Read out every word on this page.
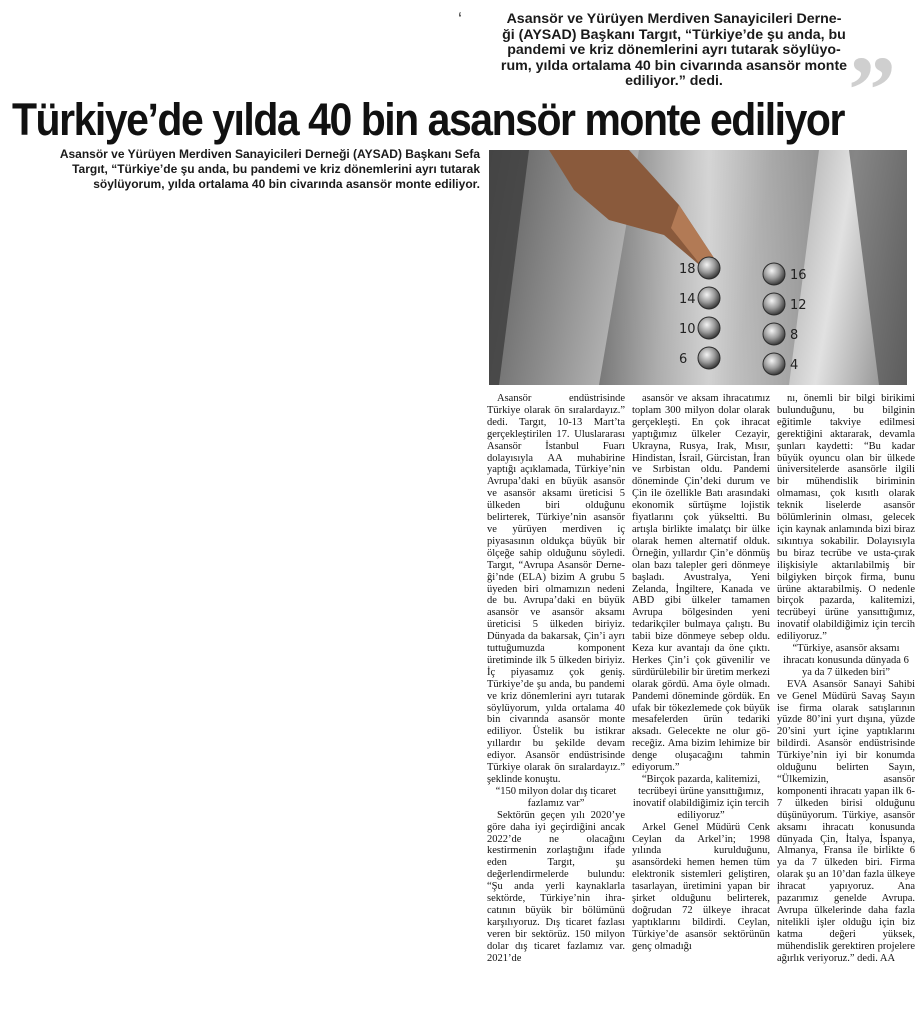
ʻ	Asansör ve Yürüyen Merdiven Sanayicileri Derne-
ği (AYSAD) Başkanı Targıt, “Türkiye’de şu anda, bu
pandemi ve kriz dönemlerini ayrı tutarak söylüyo-
rum, yılda ortalama 40 bin civarında asansör monte
ediliyor.” dedi.	”
Türkiye’de yılda 40 bin asansör monte ediliyor
Asansör ve Yürüyen Merdiven Sanayicileri Derneği (AYSAD) Başkanı Sefa
Targıt, “Türkiye’de şu anda, bu pandemi ve kriz dönemlerini ayrı tutarak
söylüyorum, yılda ortalama 40 bin civarında asansör monte ediliyor.
18	16
14	12
10	8
6	4

Asansör endüstrisinde Türkiye olarak ön sıralardayız.” dedi. Targıt, 10-13 Mart’ta gerçekleştirilen 17. Uluslararası Asansör İstanbul Fuarı dolayısıyla AA muhabirine yaptığı açıklamada, Türkiye’nin Avrupa’daki en büyük asansör ve asansör aksamı üreticisi 5 ülkeden biri olduğunu belirterek, Türkiye’nin asansör ve yürüyen merdiven iç piyasasının oldukça büyük bir ölçeğe sahip olduğunu söyledi. Targıt, “Avrupa Asansör Derneği’nde (ELA) bizim A grubu 5 üyeden biri olmamızın nedeni de bu. Avrupa’daki en büyük asansör ve asansör aksamı üreticisi 5 ülkeden biriyiz. Dünyada da bakarsak, Çin’i ayrı tuttuğumuzda komponent üretiminde ilk 5 ülkeden biriyiz. İç piyasamız çok geniş. Türkiye’de şu anda, bu pandemi ve kriz dönemlerini ayrı tutarak söylüyorum, yılda ortalama 40 bin civarında asansör monte ediliyor. Üstelik bu istikrar yıllardır bu şekilde devam ediyor. Asansör endüstrisinde Türkiye olarak ön sıralardayız.” şeklinde konuştu.

“150 milyon dolar dış ticaret fazlamız var”

Sektörün geçen yılı 2020’ye göre daha iyi geçirdiğini ancak 2022’de ne olacağını kestirmenin zorlaştığını ifade eden Targıt, şu değerlendirmelerde bulundu: “Şu anda yerli kaynaklarla sektörde, Türkiye’nin ihracatının büyük bir bölümünü karşılıyoruz. Dış ticaret fazlası veren bir sektörüz. 150 milyon dolar dış ticaret fazlamız var. 2021’de

asansör ve aksam ihracatımız toplam 300 milyon dolar olarak gerçekleşti. En çok ihracat yaptığımız ülkeler Cezayir, Ukrayna, Rusya, Irak, Mısır, Hindistan, İsrail, Gürcistan, İran ve Sırbistan oldu. Pandemi döneminde Çin’deki durum ve Çin ile özellikle Batı arasındaki ekonomik sürtüşme lojistik fiyatlarını çok yükseltti. Bu artışla birlikte imalatçı bir ülke olarak hemen alternatif olduk. Örneğin, yıllardır Çin’e dönmüş olan bazı talepler geri dönmeye başladı. Avustralya, Yeni Zelanda, İngiltere, Kanada ve ABD gibi ülkeler tamamen Avrupa bölgesinden yeni tedarikçiler bulmaya çalıştı. Bu tabii bize dönmeye sebep oldu. Keza kur avantajı da öne çıktı. Herkes Çin’i çok güvenilir ve sürdürülebilir bir üretim merkezi olarak gördü. Ama öyle olmadı. Pandemi döneminde gördük. En ufak bir tökezlemede çok büyük mesafelerden ürün tedariki aksadı. Gelecekte ne olur göreceğiz. Ama bizim lehimize bir denge oluşacağını tahmin ediyorum.”

“Birçok pazarda, kalitemizi, tecrübeyi ürüne yansıttığımız, inovatif olabildiğimiz için tercih ediliyoruz”

Arkel Genel Müdürü Cenk Ceylan da Arkel’in; 1998 yılında kurulduğunu, asansördeki hemen hemen tüm elektronik sistemleri geliştiren, tasarlayan, üretimini yapan bir şirket olduğunu belirterek, doğrudan 72 ülkeye ihracat yaptıklarını bildirdi. Ceylan, Türkiye’de asansör sektörünün genç olmadığı

nı, önemli bir bilgi birikimi bulunduğunu, bu bilginin eğitimle takviye edilmesi gerektiğini aktararak, devamla şunları kaydetti: “Bu kadar büyük oyuncu olan bir ülkede üniversitelerde asansörle ilgili bir mühendislik biriminin olmaması, çok kısıtlı olarak teknik liselerde asansör bölümlerinin olması, gelecek için kaynak anlamında bizi biraz sıkıntıya sokabilir. Dolayısıyla bu biraz tecrübe ve usta-çırak ilişkisiyle aktarılabilmiş bir bilgiyken birçok firma, bunu ürüne aktarabilmiş. O nedenle birçok pazarda, kalitemizi, tecrübeyi ürüne yansıttığımız, inovatif olabildiğimiz için tercih ediliyoruz.”

“Türkiye, asansör aksamı ihracatı konusunda dünyada 6 ya da 7 ülkeden biri”

EVA Asansör Sanayi Sahibi ve Genel Müdürü Savaş Sayın ise firma olarak satışlarının yüzde 80’ini yurt dışına, yüzde 20’sini yurt içine yaptıklarını bildirdi. Asansör endüstrisinde Türkiye’nin iyi bir konumda olduğunu belirten Sayın, “Ülkemizin, asansör komponenti ihracatı yapan ilk 6-7 ülkeden birisi olduğunu düşünüyorum. Türkiye, asansör aksamı ihracatı konusunda dünyada Çin, İtalya, İspanya, Almanya, Fransa ile birlikte 6 ya da 7 ülkeden biri. Firma olarak şu an 10’dan fazla ülkeye ihracat yapıyoruz. Ana pazarımız genelde Avrupa. Avrupa ülkelerinde daha fazla nitelikli işler olduğu için biz katma değeri yüksek, mühendislik gerektiren projelere ağırlık veriyoruz.” dedi. AA
